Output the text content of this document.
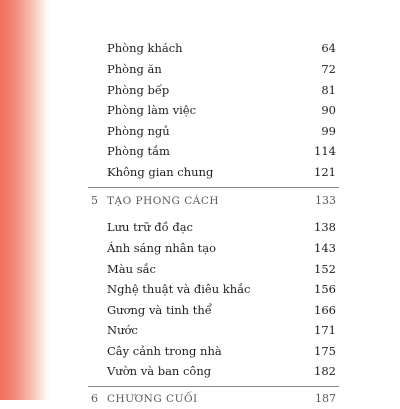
Phòng khách	64
Phòng ăn	72
Phòng bếp	81
Phòng làm việc	90
Phòng ngủ	99
Phòng tắm	114
Không gian chung	121
5 TẠO PHONG CÁCH	133
Lưu trữ đồ đạc	138
Ánh sáng nhân tạo	143
Màu sắc	152
Nghệ thuật và điêu khắc	156
Gương và tinh thể	166
Nước	171
Cây cảnh trong nhà	175
Vườn và ban công	182
6 CHƯƠNG CUỐI	187
